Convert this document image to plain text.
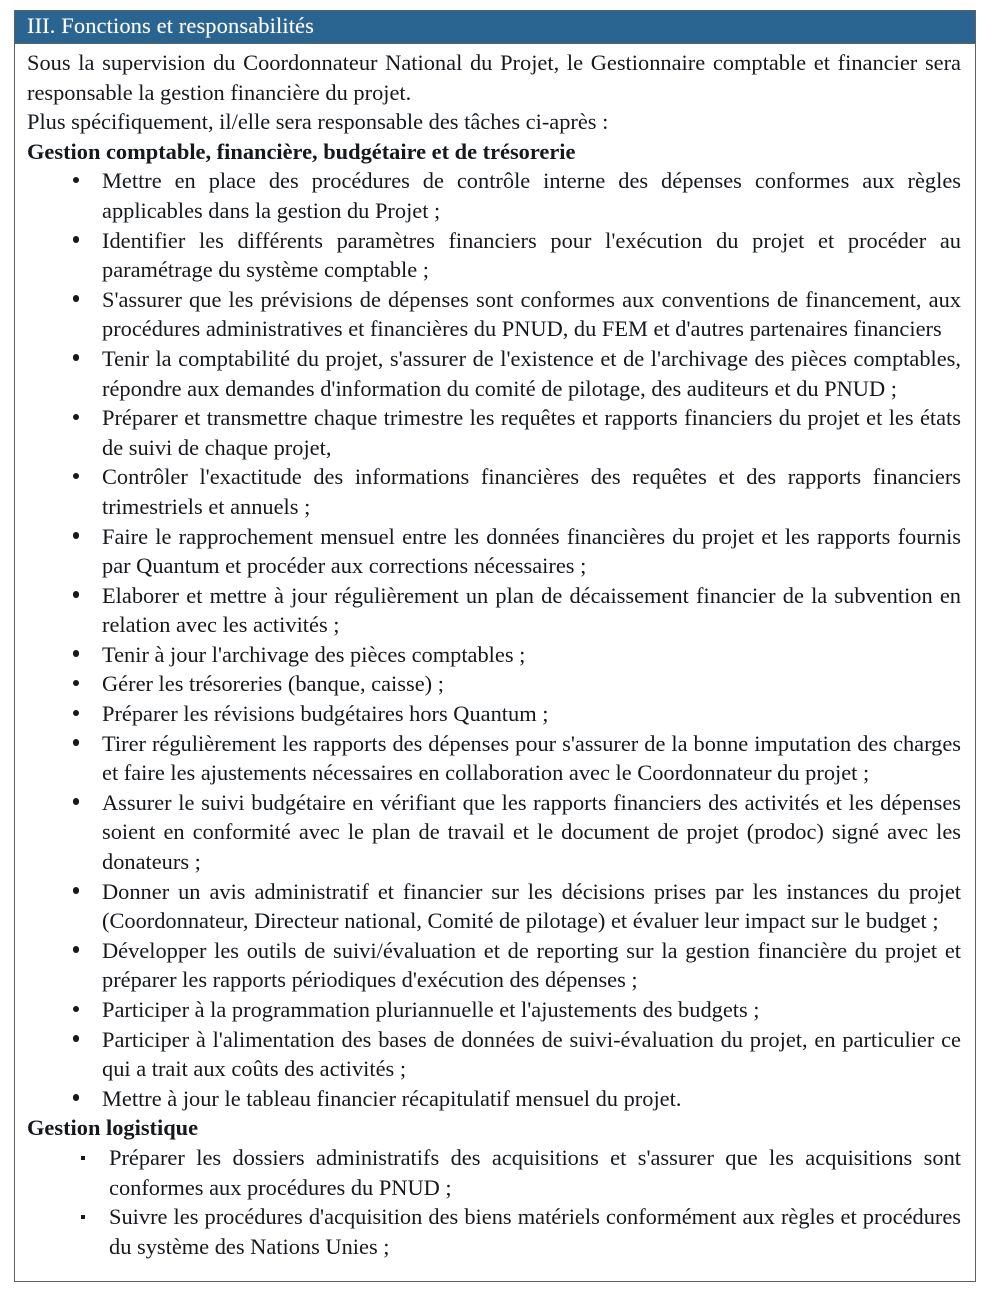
III. Fonctions et responsabilités

Sous la supervision du Coordonnateur National du Projet, le Gestionnaire comptable et financier sera responsable la gestion financière du projet.

Plus spécifiquement, il/elle sera responsable des tâches ci-après :

Gestion comptable, financière, budgétaire et de trésorerie
Mettre en place des procédures de contrôle interne des dépenses conformes aux règles applicables dans la gestion du Projet ;
Identifier les différents paramètres financiers pour l'exécution du projet et procéder au paramétrage du système comptable ;
S'assurer que les prévisions de dépenses sont conformes aux conventions de financement, aux procédures administratives et financières du PNUD, du FEM et d'autres partenaires financiers
Tenir la comptabilité du projet, s'assurer de l'existence et de l'archivage des pièces comptables, répondre aux demandes d'information du comité de pilotage, des auditeurs et du PNUD ;
Préparer et transmettre chaque trimestre les requêtes et rapports financiers du projet et les états de suivi de chaque projet,
Contrôler l'exactitude des informations financières des requêtes et des rapports financiers trimestriels et annuels ;
Faire le rapprochement mensuel entre les données financières du projet et les rapports fournis par Quantum et procéder aux corrections nécessaires ;
Elaborer et mettre à jour régulièrement un plan de décaissement financier de la subvention en relation avec les activités ;
Tenir à jour l'archivage des pièces comptables ;
Gérer les trésoreries (banque, caisse) ;
Préparer les révisions budgétaires hors Quantum ;
Tirer régulièrement les rapports des dépenses pour s'assurer de la bonne imputation des charges et faire les ajustements nécessaires en collaboration avec le Coordonnateur du projet ;
Assurer le suivi budgétaire en vérifiant que les rapports financiers des activités et les dépenses soient en conformité avec le plan de travail et le document de projet (prodoc) signé avec les donateurs ;
Donner un avis administratif et financier sur les décisions prises par les instances du projet (Coordonnateur, Directeur national, Comité de pilotage) et évaluer leur impact sur le budget ;
Développer les outils de suivi/évaluation et de reporting sur la gestion financière du projet et préparer les rapports périodiques d'exécution des dépenses ;
Participer à la programmation pluriannuelle et l'ajustements des budgets ;
Participer à l'alimentation des bases de données de suivi-évaluation du projet, en particulier ce qui a trait aux coûts des activités ;
Mettre à jour le tableau financier récapitulatif mensuel du projet.
Gestion logistique
Préparer les dossiers administratifs des acquisitions et s'assurer que les acquisitions sont conformes aux procédures du PNUD ;
Suivre les procédures d'acquisition des biens matériels conformément aux règles et procédures du système des Nations Unies ;
